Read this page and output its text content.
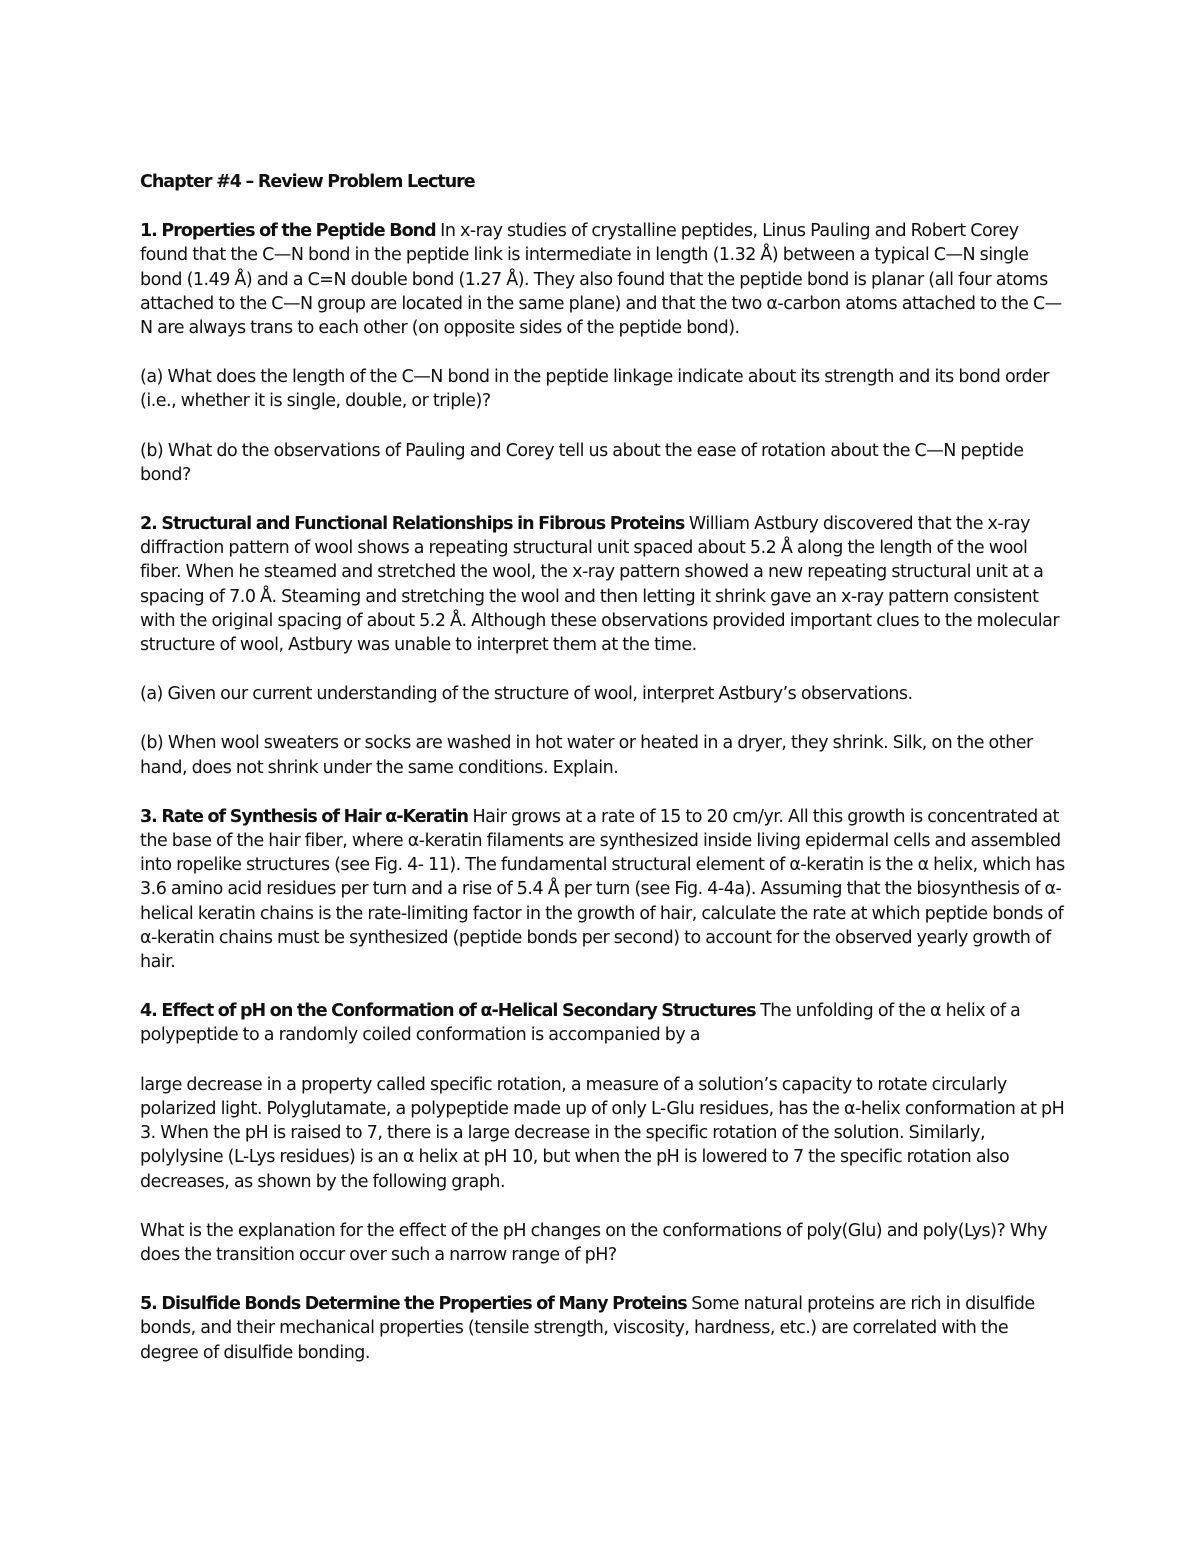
Chapter #4 – Review Problem Lecture

1. Properties of the Peptide Bond In x-ray studies of crystalline peptides, Linus Pauling and Robert Corey found that the C—N bond in the peptide link is intermediate in length (1.32 Å) between a typical C—N single bond (1.49 Å) and a C=N double bond (1.27 Å). They also found that the peptide bond is planar (all four atoms attached to the C—N group are located in the same plane) and that the two α-carbon atoms attached to the C—N are always trans to each other (on opposite sides of the peptide bond).

(a) What does the length of the C—N bond in the peptide linkage indicate about its strength and its bond order (i.e., whether it is single, double, or triple)?

(b) What do the observations of Pauling and Corey tell us about the ease of rotation about the C—N peptide bond?

2. Structural and Functional Relationships in Fibrous Proteins William Astbury discovered that the x-ray diffraction pattern of wool shows a repeating structural unit spaced about 5.2 Å along the length of the wool fiber. When he steamed and stretched the wool, the x-ray pattern showed a new repeating structural unit at a spacing of 7.0 Å. Steaming and stretching the wool and then letting it shrink gave an x-ray pattern consistent with the original spacing of about 5.2 Å. Although these observations provided important clues to the molecular structure of wool, Astbury was unable to interpret them at the time.

(a) Given our current understanding of the structure of wool, interpret Astbury’s observations.

(b) When wool sweaters or socks are washed in hot water or heated in a dryer, they shrink. Silk, on the other hand, does not shrink under the same conditions. Explain.

3. Rate of Synthesis of Hair α-Keratin Hair grows at a rate of 15 to 20 cm/yr. All this growth is concentrated at the base of the hair fiber, where α-keratin filaments are synthesized inside living epidermal cells and assembled into ropelike structures (see Fig. 4- 11). The fundamental structural element of α-keratin is the α helix, which has 3.6 amino acid residues per turn and a rise of 5.4 Å per turn (see Fig. 4-4a). Assuming that the biosynthesis of α-helical keratin chains is the rate-limiting factor in the growth of hair, calculate the rate at which peptide bonds of α-keratin chains must be synthesized (peptide bonds per second) to account for the observed yearly growth of hair.

4. Effect of pH on the Conformation of α-Helical Secondary Structures The unfolding of the α helix of a polypeptide to a randomly coiled conformation is accompanied by a

large decrease in a property called specific rotation, a measure of a solution’s capacity to rotate circularly polarized light. Polyglutamate, a polypeptide made up of only L-Glu residues, has the α-helix conformation at pH 3. When the pH is raised to 7, there is a large decrease in the specific rotation of the solution. Similarly, polylysine (L-Lys residues) is an α helix at pH 10, but when the pH is lowered to 7 the specific rotation also decreases, as shown by the following graph.

What is the explanation for the effect of the pH changes on the conformations of poly(Glu) and poly(Lys)? Why does the transition occur over such a narrow range of pH?

5. Disulfide Bonds Determine the Properties of Many Proteins Some natural proteins are rich in disulfide bonds, and their mechanical properties (tensile strength, viscosity, hardness, etc.) are correlated with the degree of disulfide bonding.
